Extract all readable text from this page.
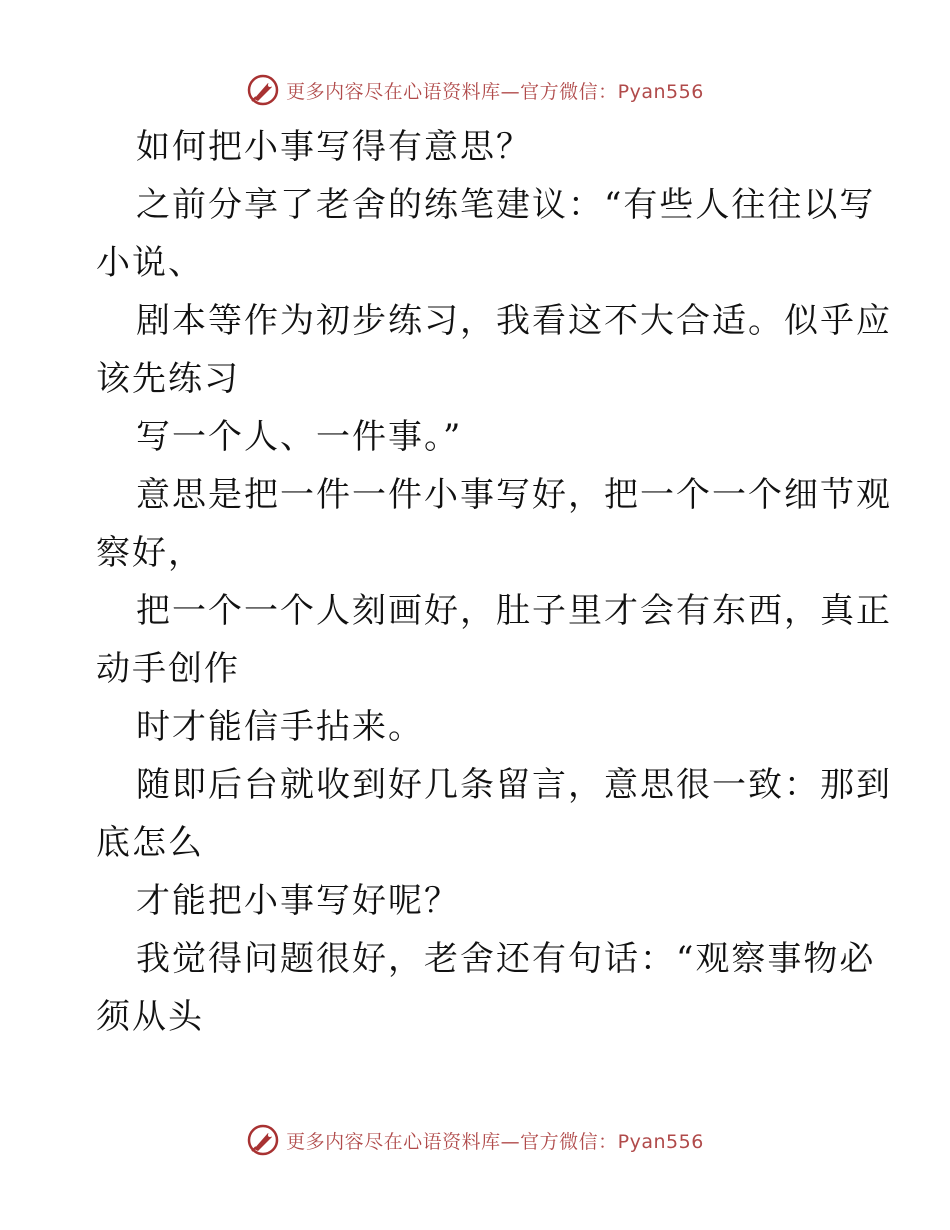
更多内容尽在心语资料库—官方微信：Pyan556
如何把小事写得有意思？
之前分享了老舍的练笔建议：“有些人往往以写
小说、
剧本等作为初步练习，我看这不大合适。似乎应
该先练习
写一个人、一件事。”
意思是把一件一件小事写好，把一个一个细节观
察好，
把一个一个人刻画好，肚子里才会有东西，真正
动手创作
时才能信手拈来。
随即后台就收到好几条留言，意思很一致：那到
底怎么
才能把小事写好呢？
我觉得问题很好，老舍还有句话：“观察事物必
须从头
更多内容尽在心语资料库—官方微信：Pyan556
